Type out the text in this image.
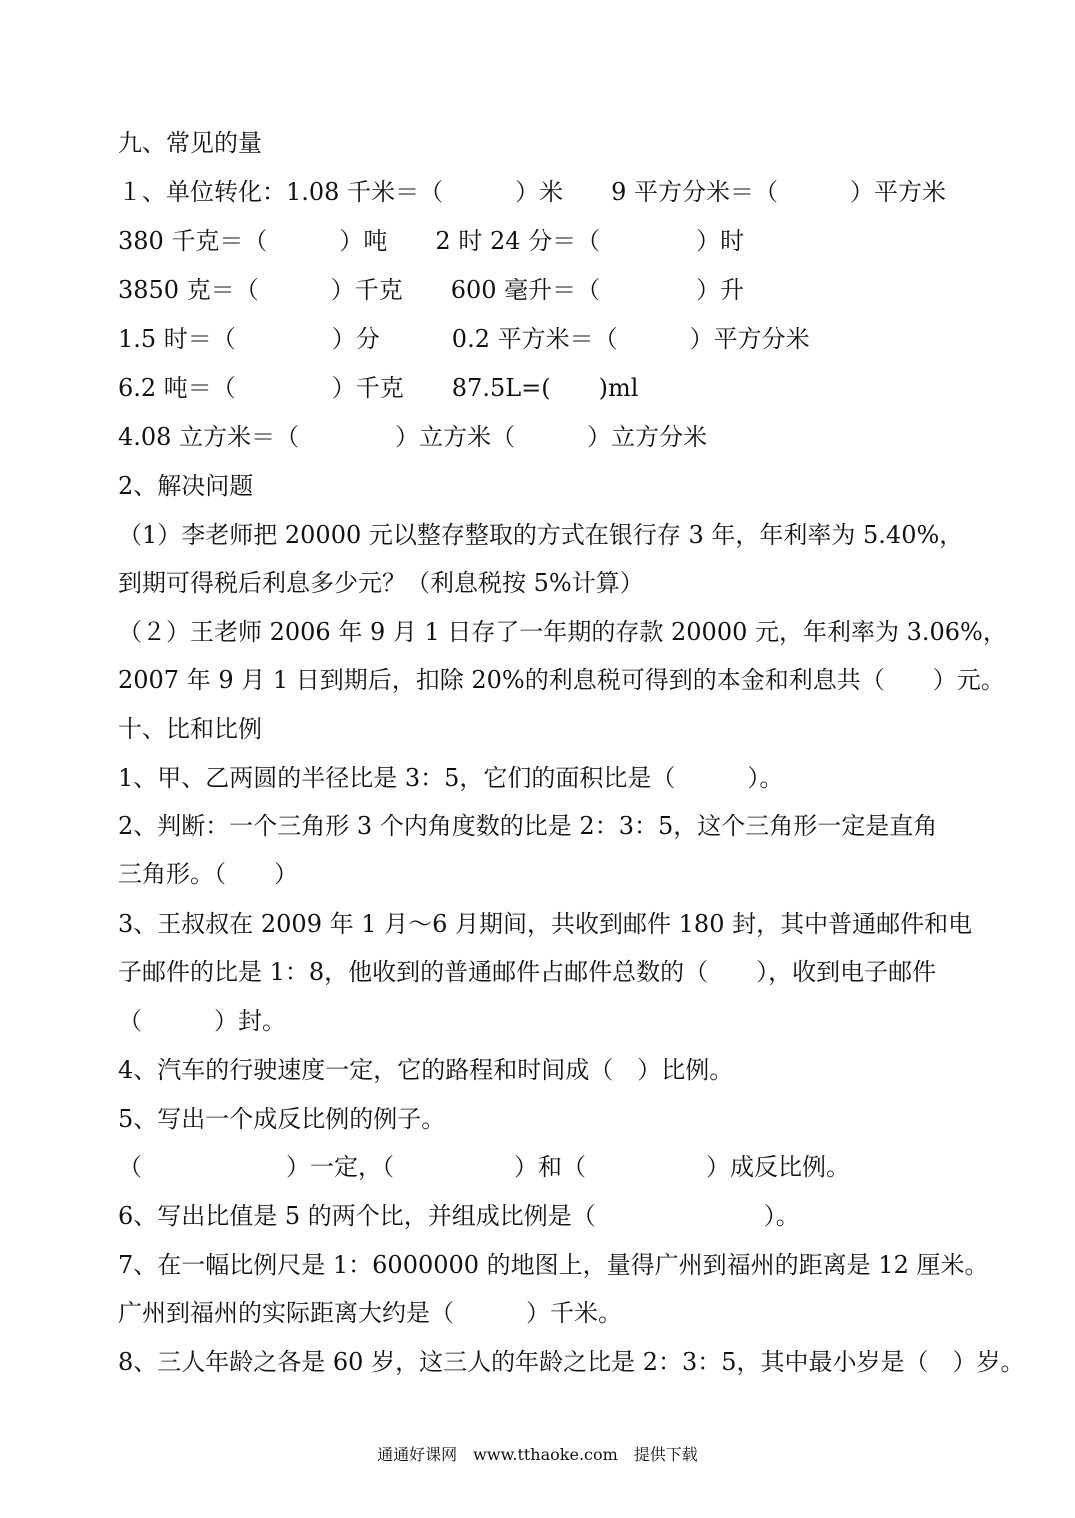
九、常见的量
１、单位转化：1.08 千米＝（　　　）米　　9 平方分米＝（　　　）平方米
380 千克＝（　　　）吨　　2 时 24 分＝（　　　　）时
3850 克＝（　　　）千克　　600 毫升＝（　　　　）升
1.5 时＝（　　　　）分　　　0.2 平方米＝（　　　）平方分米
6.2 吨＝（　　　　）千克　　87.5L=(　　)ml
4.08 立方米＝（　　　　）立方米（　　　）立方分米
2、解决问题
（1）李老师把 20000 元以整存整取的方式在银行存 3 年，年利率为 5.40%，
到期可得税后利息多少元？（利息税按 5%计算）
（２）王老师 2006 年 9 月 1 日存了一年期的存款 20000 元，年利率为 3.06%，
2007 年 9 月 1 日到期后，扣除 20%的利息税可得到的本金和利息共（　　）元。
十、比和比例
1、甲、乙两圆的半径比是 3：5，它们的面积比是（　　　）。
2、判断：一个三角形 3 个内角度数的比是 2：3：5，这个三角形一定是直角
三角形。（　　）
3、王叔叔在 2009 年 1 月～6 月期间，共收到邮件 180 封，其中普通邮件和电
子邮件的比是 1：8，他收到的普通邮件占邮件总数的（　　），收到电子邮件
（　　　）封。
4、汽车的行驶速度一定，它的路程和时间成（　）比例。
5、写出一个成反比例的例子。
（　　　　　　）一定，（　　　　　）和（　　　　　）成反比例。
6、写出比值是 5 的两个比，并组成比例是（　　　　　　　）。
7、在一幅比例尺是 1：6000000 的地图上，量得广州到福州的距离是 12 厘米。
广州到福州的实际距离大约是（　　　）千米。
8、三人年龄之各是 60 岁，这三人的年龄之比是 2：3：5，其中最小岁是（　）岁。
通通好课网　www.tthaoke.com　提供下载
